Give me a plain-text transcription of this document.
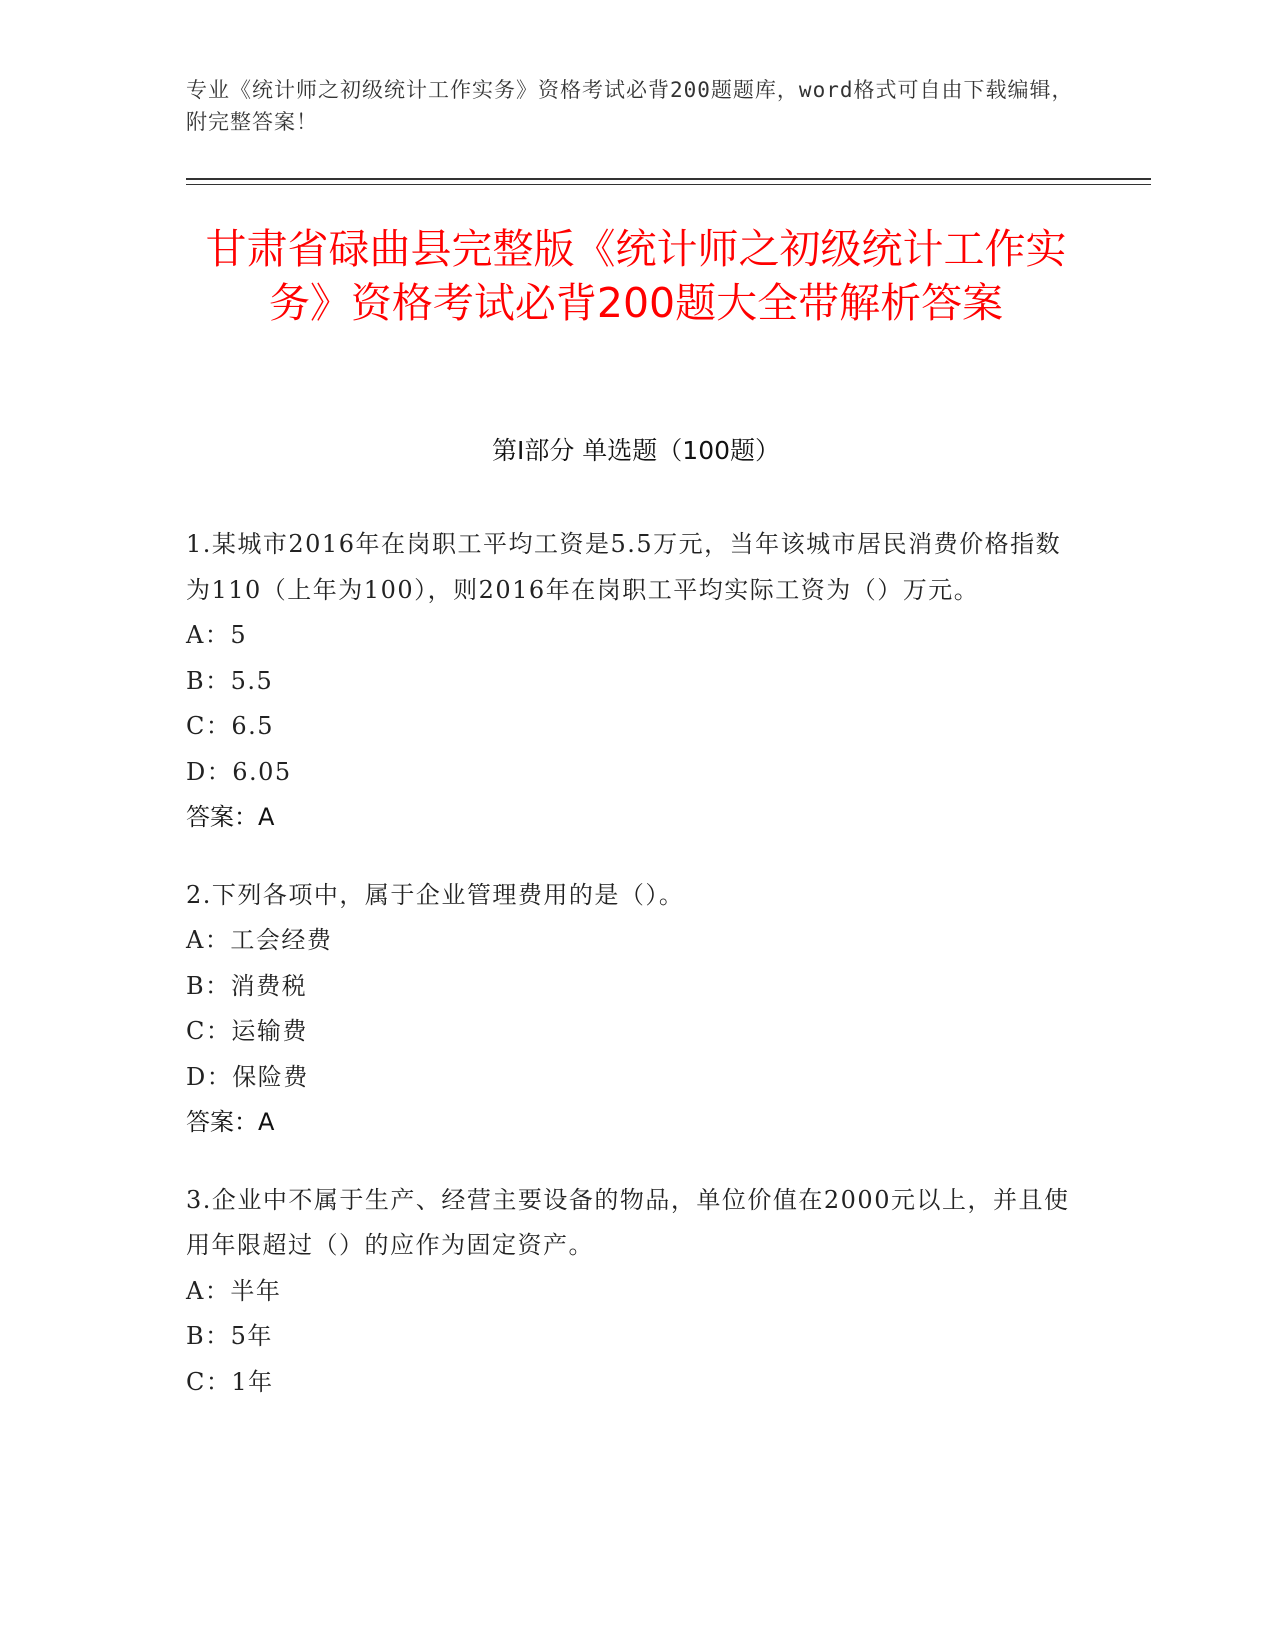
专业《统计师之初级统计工作实务》资格考试必背200题题库，word格式可自由下载编辑，附完整答案！
甘肃省碌曲县完整版《统计师之初级统计工作实务》资格考试必背200题大全带解析答案
第I部分 单选题（100题）
1.某城市2016年在岗职工平均工资是5.5万元，当年该城市居民消费价格指数为110（上年为100），则2016年在岗职工平均实际工资为（）万元。
A：5
B：5.5
C：6.5
D：6.05
答案：A
2.下列各项中，属于企业管理费用的是（）。
A：工会经费
B：消费税
C：运输费
D：保险费
答案：A
3.企业中不属于生产、经营主要设备的物品，单位价值在2000元以上，并且使用年限超过（）的应作为固定资产。
A：半年
B：5年
C：1年
